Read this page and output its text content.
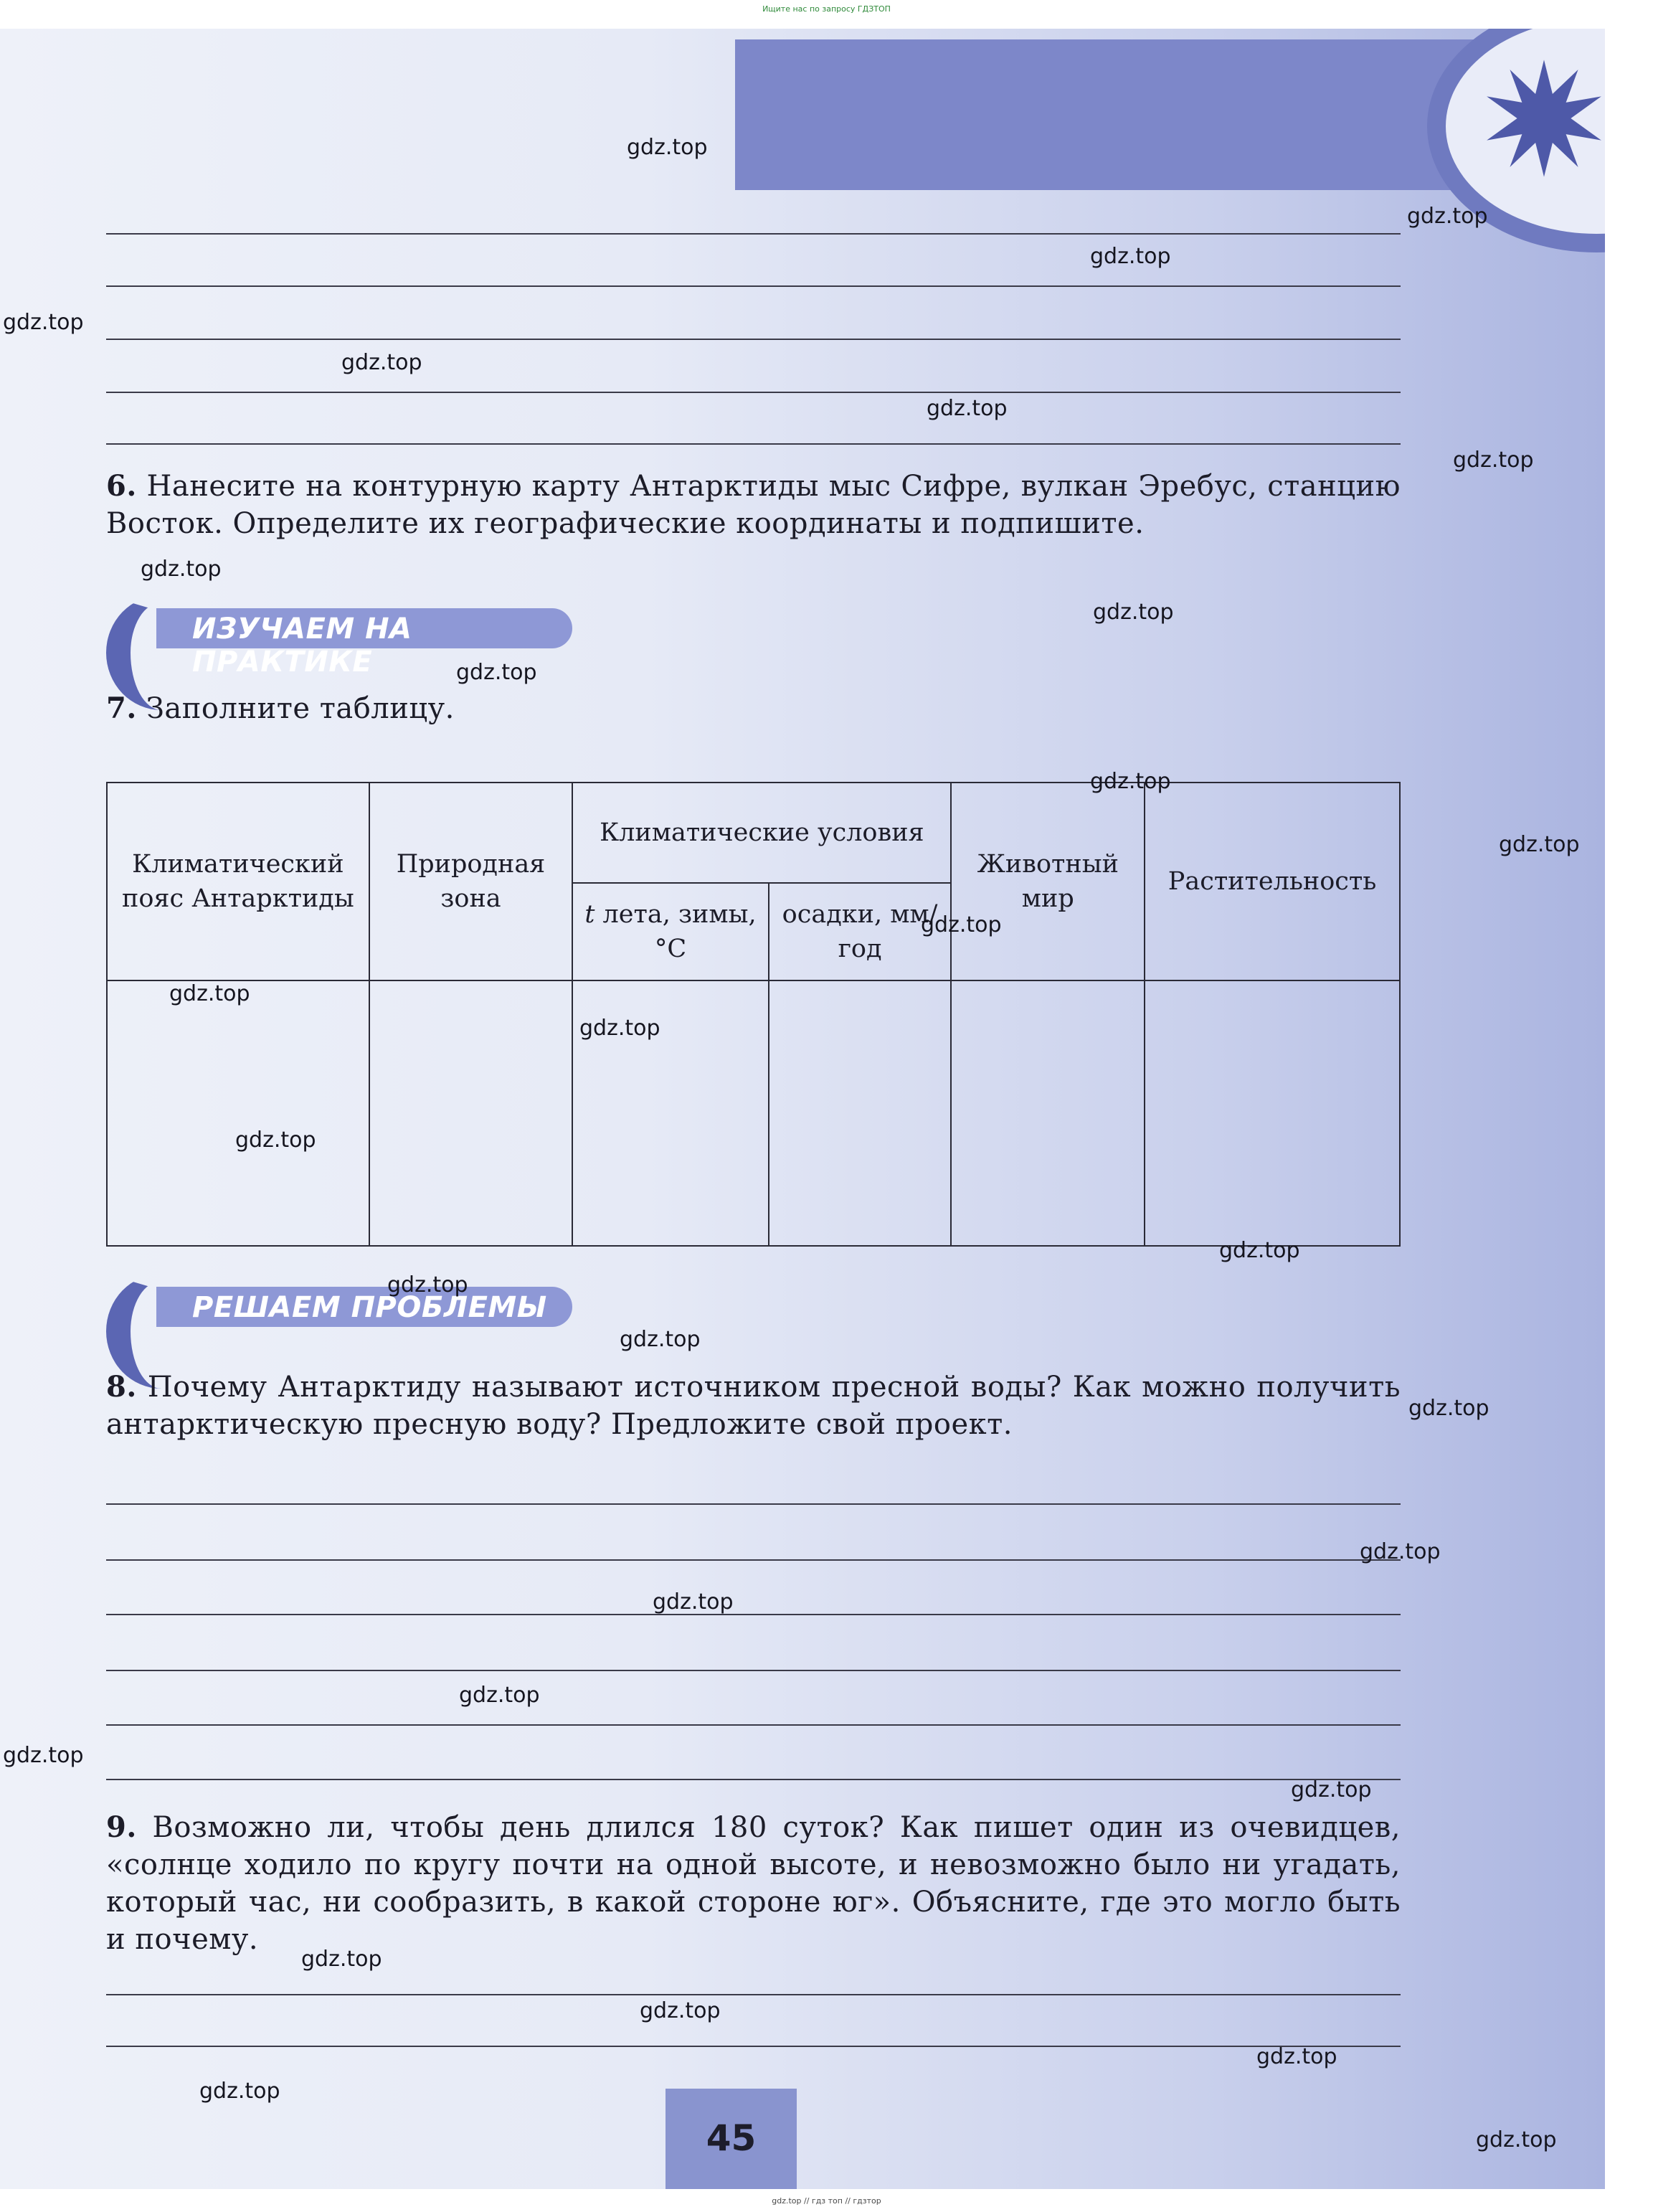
Ищите нас по запросу ГДЗТОП
6. Нанесите на контурную карту Антарктиды мыс Сифре, вулкан Эребус, станцию Восток. Определите их географические координаты и подпишите.
ИЗУЧАЕМ НА ПРАКТИКЕ
7. Заполните таблицу.
Климатический пояс Антарктиды	Природная зона	Климатические условия		Животный мир	Растительность
		t лета, зимы, °С	осадки, мм/год		

РЕШАЕМ ПРОБЛЕМЫ
8. Почему Антарктиду называют источником пресной воды? Как можно получить антарктическую пресную воду? Предложите свой проект.
9. Возможно ли, чтобы день длился 180 суток? Как пишет один из очевидцев, «солнце ходило по кругу почти на одной высоте, и невозможно было ни угадать, который час, ни сообразить, в какой стороне юг». Объясните, где это могло быть и почему.
45
gdz.top
gdz.top
gdz.top
gdz.top
gdz.top
gdz.top
gdz.top
gdz.top
gdz.top
gdz.top
gdz.top
gdz.top
gdz.top
gdz.top
gdz.top
gdz.top
gdz.top
gdz.top
gdz.top
gdz.top
gdz.top
gdz.top
gdz.top
gdz.top
gdz.top
gdz.top
gdz.top
gdz.top
gdz.top
gdz.top
gdz.top // гдз топ // гдзтор
